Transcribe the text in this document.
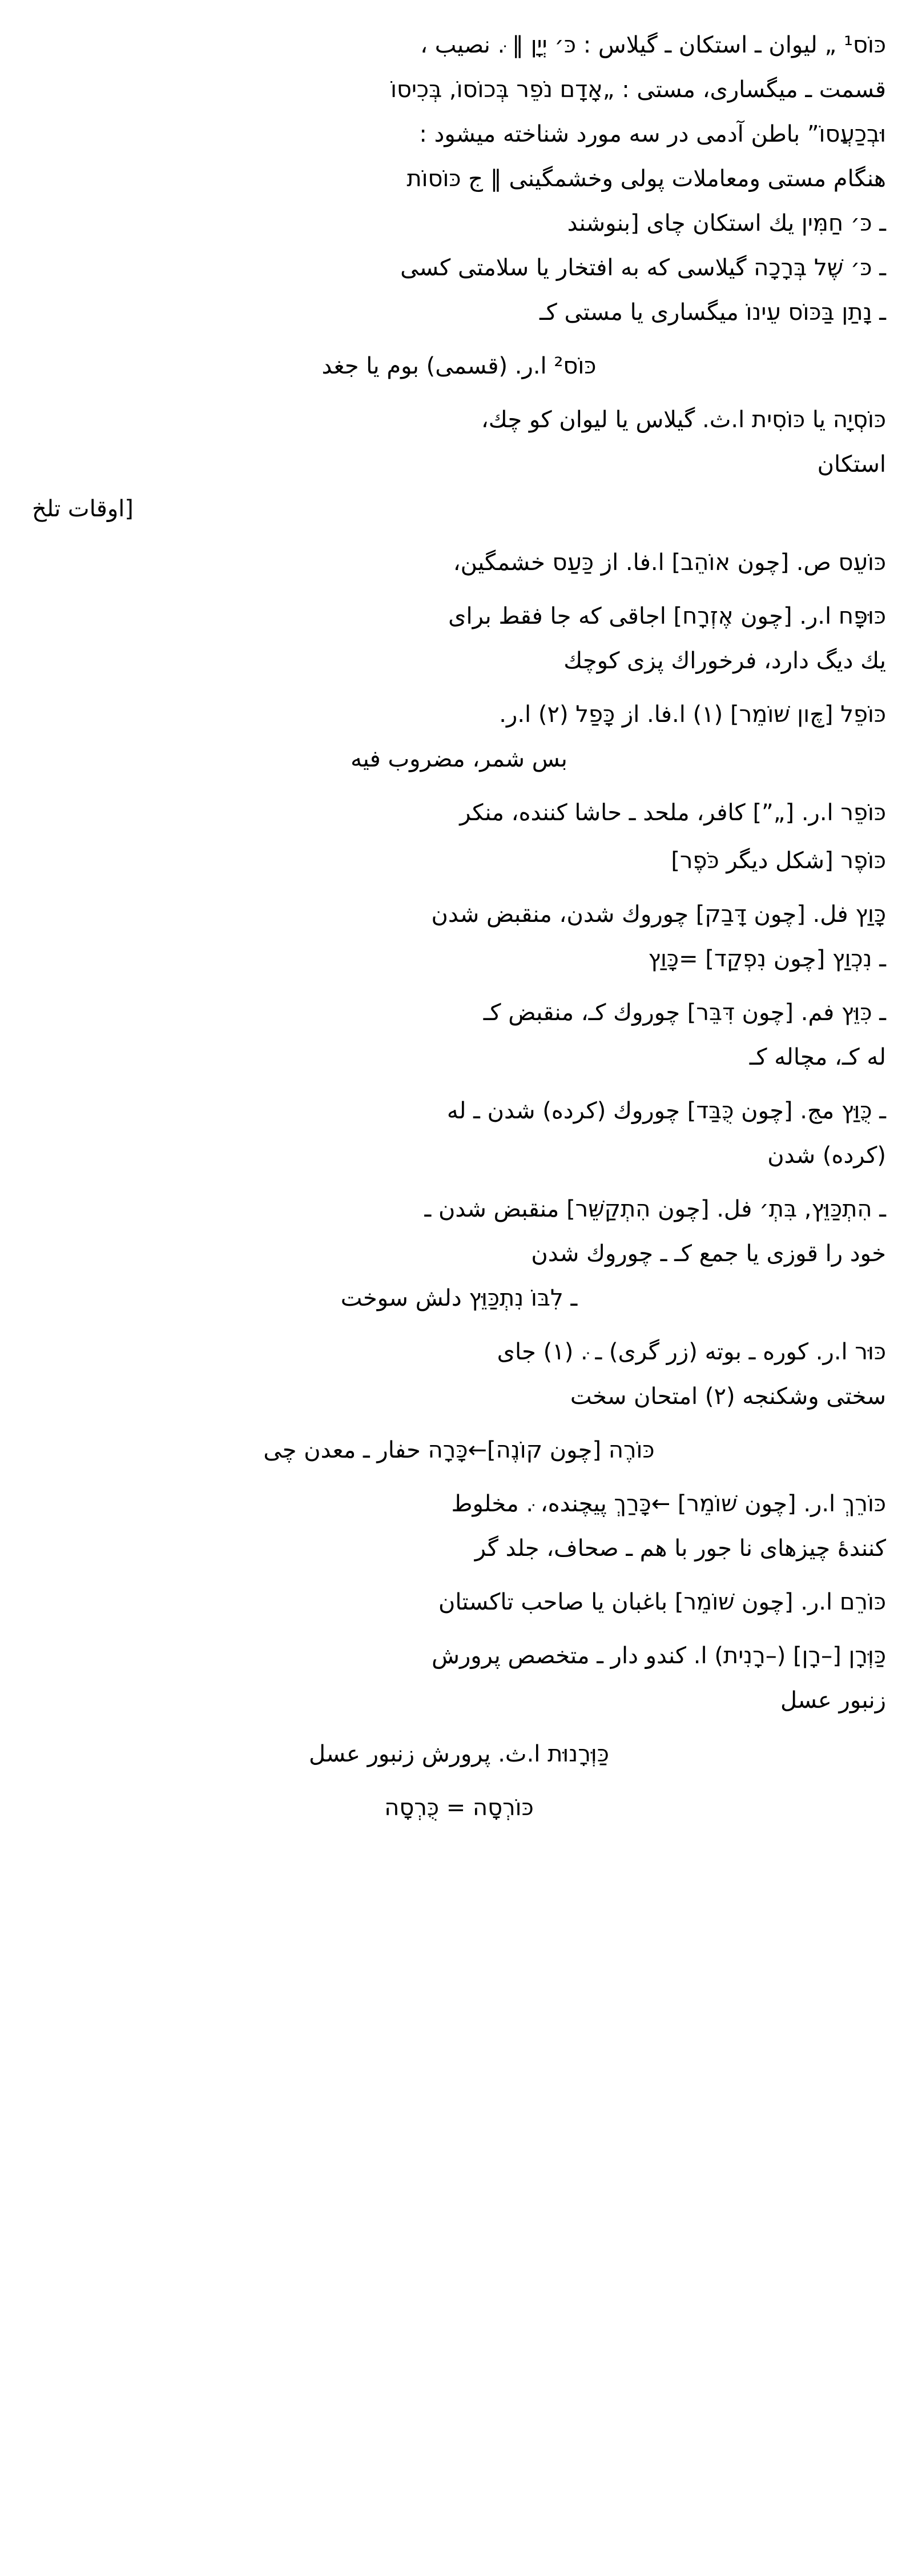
כּוֹס‏¹ „ ليوان ـ استكان ـ گيلاس : כּ׳ יְיָן ‖ .ּ نصيب ،
قسمت ـ ميگسارى، مستى : „אָדָם נֹפֵר בְּכוֹסוֹ, בְּכִיסוֹ
וּבְכַעֲסוֹ” باطن آدمى در سه مورد شناخته ميشود :
هنگام مستى ومعاملات پولى وخشمگينى ‖ ج כּוֹסוֹת
ـ כּ׳ חַמִּין يك استكان چاى [بنوشند
ـ כּ׳ שֶׁל בְּרָכָה گيلاسى كه به افتخار يا سلامتى كسى
ـ נָתַן בַּכּוֹס עֵינוֹ ميگسارى يا مستى كـ
כּוֹס‏² ا.ر. (قسمى) بوم يا جغد
כּוֹסְיָה يا כּוֹסִית ا.ث. گيلاس يا ليوان كو چك،
استكان
[اوقات تلخ
כּוֹעֵס ص. [چون אוֹהֵב] ا.فا. از כַּעַס خشمگين،
כּוּפָּח ا.ر. [چون אֶזְרָח] اجاقى كه جا فقط براى
يك ديگ دارد، فرخوراك پزى كوچك
כּוֹפֵל [چון שׁוֹמֵר] (١) ا.فا. از כָּפַל (٢) ا.ر.
بس شمر، مضروب فيه
כּוֹפֵר ا.ر. [„”] كافر، ملحد ـ حاشا كننده، منكر
כּוֹפֶר [شكل ديگر כֹּפֶר]
כָּוַץ فل. [چون דָּבַק] چوروك شدن، منقبض شدن
ـ נִכְוַץ [چون נִפְקַד] =כָּוַץ
ـ כִּוֵּץ فم. [چون דִּבֵּר] چوروك كـ، منقبض كـ
له كـ، مچاله كـ
ـ כֻּוַּץ مج. [چون כֻּבַּד] چوروك (كرده) شدن ـ له
(كرده) شدن
ـ הִתְכַּוֵּץ, בִּתְ׳ فل. [چون הִתְקַשֵּׁר] منقبض شدن ـ
خود را قوزى يا جمع كـ ـ چوروك شدن
ـ לִבּוֹ נִתְכַּוֵּץ دلش سوخت
כּוּר ا.ر. كوره ـ بوته (زر گرى) ـ .ּ (١) جاى
سختى وشكنجه (٢) امتحان سخت
כּוֹרֶה [چون קוֹנֶה]←כָּרָה حفار ـ معدن چى
כּוֹרֵךְ ا.ر. [چون שׁוֹמֵר] ←כָּרַךְ پيچنده، .ּ مخلوط
كنندهٔ چيزهاى نا جور با هم ـ صحاف، جلد گر
כּוֹרֵם ا.ر. [چون שׁוֹמֵר] باغبان يا صاحب تاكستان
כַּוְּרָן [–רָן] (–רָנִית) ا. كندو دار ـ متخصص پرورش
زنبور عسل
כַּוְּרָנוּת ا.ث. پرورش زنبور عسل
כּוֹרְסָה = כֻּרְסָה
